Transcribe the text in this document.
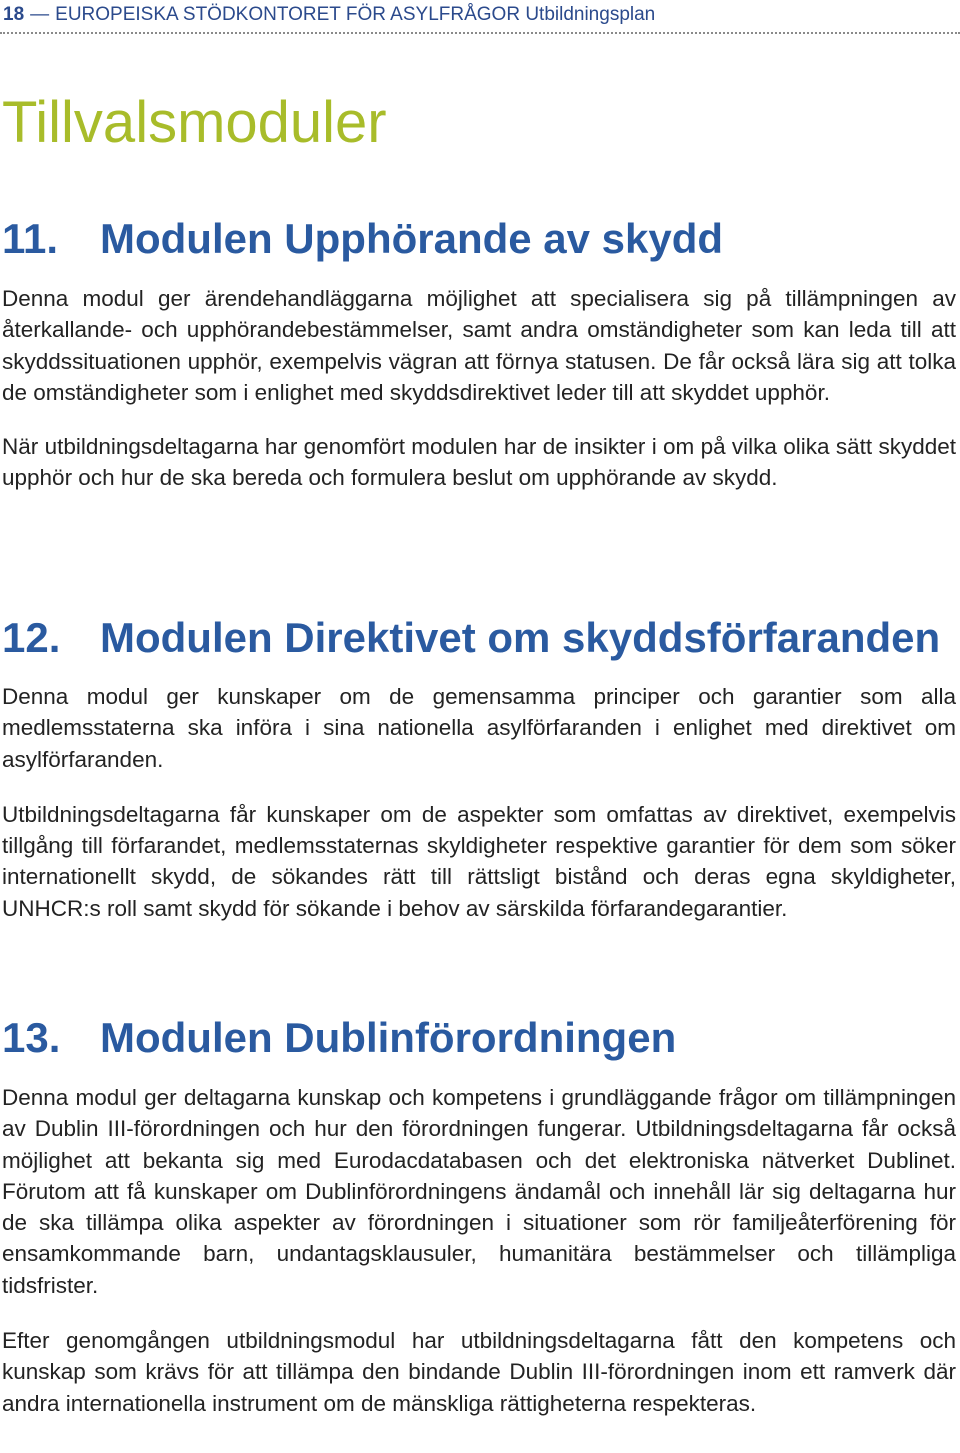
18 — EUROPEISKA STÖDKONTORET FÖR ASYLFRÅGOR Utbildningsplan
Tillvalsmoduler
11. Modulen Upphörande av skydd

Denna modul ger ärendehandläggarna möjlighet att specialisera sig på tillämpningen av återkallande- och upphörandebestämmelser, samt andra omständigheter som kan leda till att skyddssituationen upphör, exempelvis vägran att förnya statusen. De får också lära sig att tolka de omständigheter som i enlighet med skyddsdirektivet leder till att skyddet upphör.

När utbildningsdeltagarna har genomfört modulen har de insikter i om på vilka olika sätt skyddet upphör och hur de ska bereda och formulera beslut om upphörande av skydd.

12. Modulen Direktivet om skyddsförfaranden

Denna modul ger kunskaper om de gemensamma principer och garantier som alla medlemsstaterna ska införa i sina nationella asylförfaranden i enlighet med direktivet om asylförfaranden.

Utbildningsdeltagarna får kunskaper om de aspekter som omfattas av direktivet, exempelvis tillgång till förfarandet, medlemsstaternas skyldigheter respektive garantier för dem som söker internationellt skydd, de sökandes rätt till rättsligt bistånd och deras egna skyldigheter, UNHCR:s roll samt skydd för sökande i behov av särskilda förfarandegarantier.

13. Modulen Dublinförordningen

Denna modul ger deltagarna kunskap och kompetens i grundläggande frågor om tillämpningen av Dublin III-förordningen och hur den förordningen fungerar. Utbildningsdeltagarna får också möjlighet att bekanta sig med Eurodacdatabasen och det elektroniska nätverket Dublinet. Förutom att få kunskaper om Dublinförordningens ändamål och innehåll lär sig deltagarna hur de ska tillämpa olika aspekter av förordningen i situationer som rör familjeåterförening för ensamkommande barn, undantagsklausuler, humanitära bestämmelser och tillämpliga tidsfrister.

Efter genomgången utbildningsmodul har utbildningsdeltagarna fått den kompetens och kunskap som krävs för att tillämpa den bindande Dublin III-förordningen inom ett ramverk där andra internationella instrument om de mänskliga rättigheterna respekteras.
